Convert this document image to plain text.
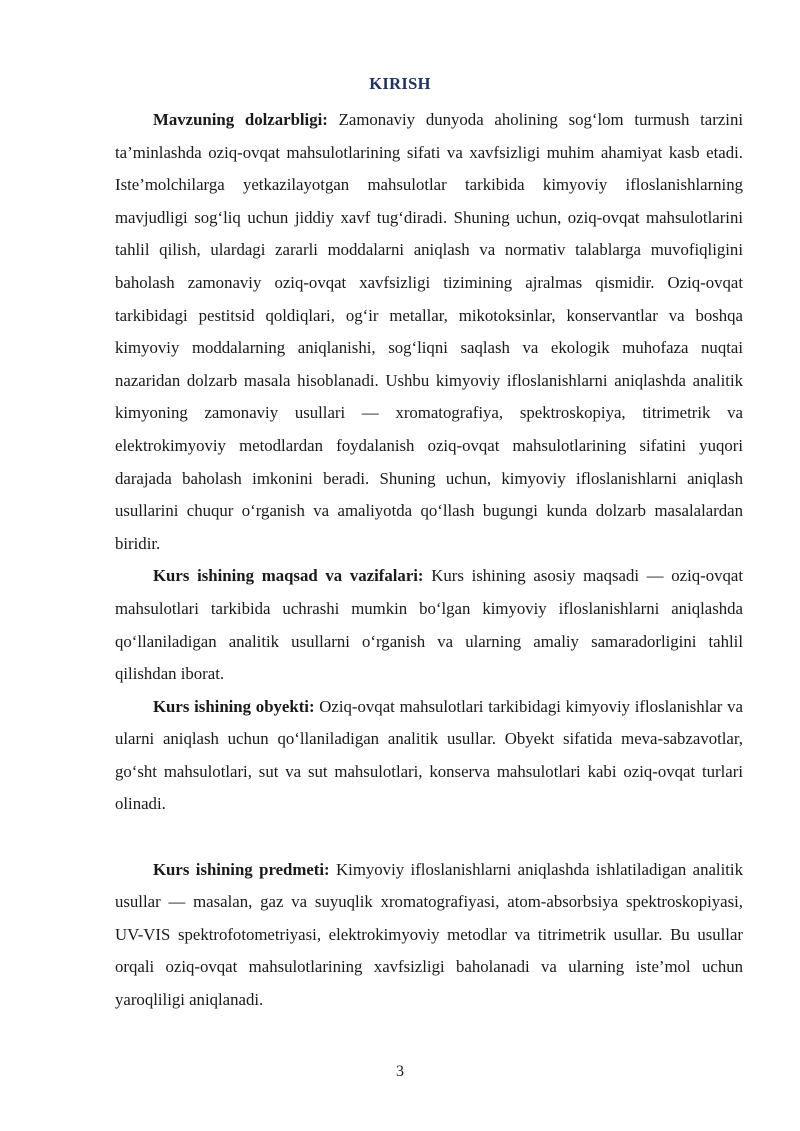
KIRISH

Mavzuning dolzarbligi: Zamonaviy dunyoda aholining sog‘lom turmush tarzini ta’minlashda oziq-ovqat mahsulotlarining sifati va xavfsizligi muhim ahamiyat kasb etadi. Iste’molchilarga yetkazilayotgan mahsulotlar tarkibida kimyoviy ifloslanishlarning mavjudligi sog‘liq uchun jiddiy xavf tug‘diradi. Shuning uchun, oziq-ovqat mahsulotlarini tahlil qilish, ulardagi zararli moddalarni aniqlash va normativ talablarga muvofiqligini baholash zamonaviy oziq-ovqat xavfsizligi tizimining ajralmas qismidir. Oziq-ovqat tarkibidagi pestitsid qoldiqlari, og‘ir metallar, mikotoksinlar, konservantlar va boshqa kimyoviy moddalarning aniqlanishi, sog‘liqni saqlash va ekologik muhofaza nuqtai nazaridan dolzarb masala hisoblanadi. Ushbu kimyoviy ifloslanishlarni aniqlashda analitik kimyoning zamonaviy usullari — xromatografiya, spektroskopiya, titrimetrik va elektrokimyoviy metodlardan foydalanish oziq-ovqat mahsulotlarining sifatini yuqori darajada baholash imkonini beradi. Shuning uchun, kimyoviy ifloslanishlarni aniqlash usullarini chuqur o‘rganish va amaliyotda qo‘llash bugungi kunda dolzarb masalalardan biridir.

Kurs ishining maqsad va vazifalari: Kurs ishining asosiy maqsadi — oziq-ovqat mahsulotlari tarkibida uchrashi mumkin bo‘lgan kimyoviy ifloslanishlarni aniqlashda qo‘llaniladigan analitik usullarni o‘rganish va ularning amaliy samaradorligini tahlil qilishdan iborat.

Kurs ishining obyekti: Oziq-ovqat mahsulotlari tarkibidagi kimyoviy ifloslanishlar va ularni aniqlash uchun qo‘llaniladigan analitik usullar. Obyekt sifatida meva-sabzavotlar, go‘sht mahsulotlari, sut va sut mahsulotlari, konserva mahsulotlari kabi oziq-ovqat turlari olinadi.

Kurs ishining predmeti: Kimyoviy ifloslanishlarni aniqlashda ishlatiladigan analitik usullar — masalan, gaz va suyuqlik xromatografiyasi, atom-absorbsiya spektroskopiyasi, UV-VIS spektrofotometriyasi, elektrokimyoviy metodlar va titrimetrik usullar. Bu usullar orqali oziq-ovqat mahsulotlarining xavfsizligi baholanadi va ularning iste’mol uchun yaroqliligi aniqlanadi.

3
